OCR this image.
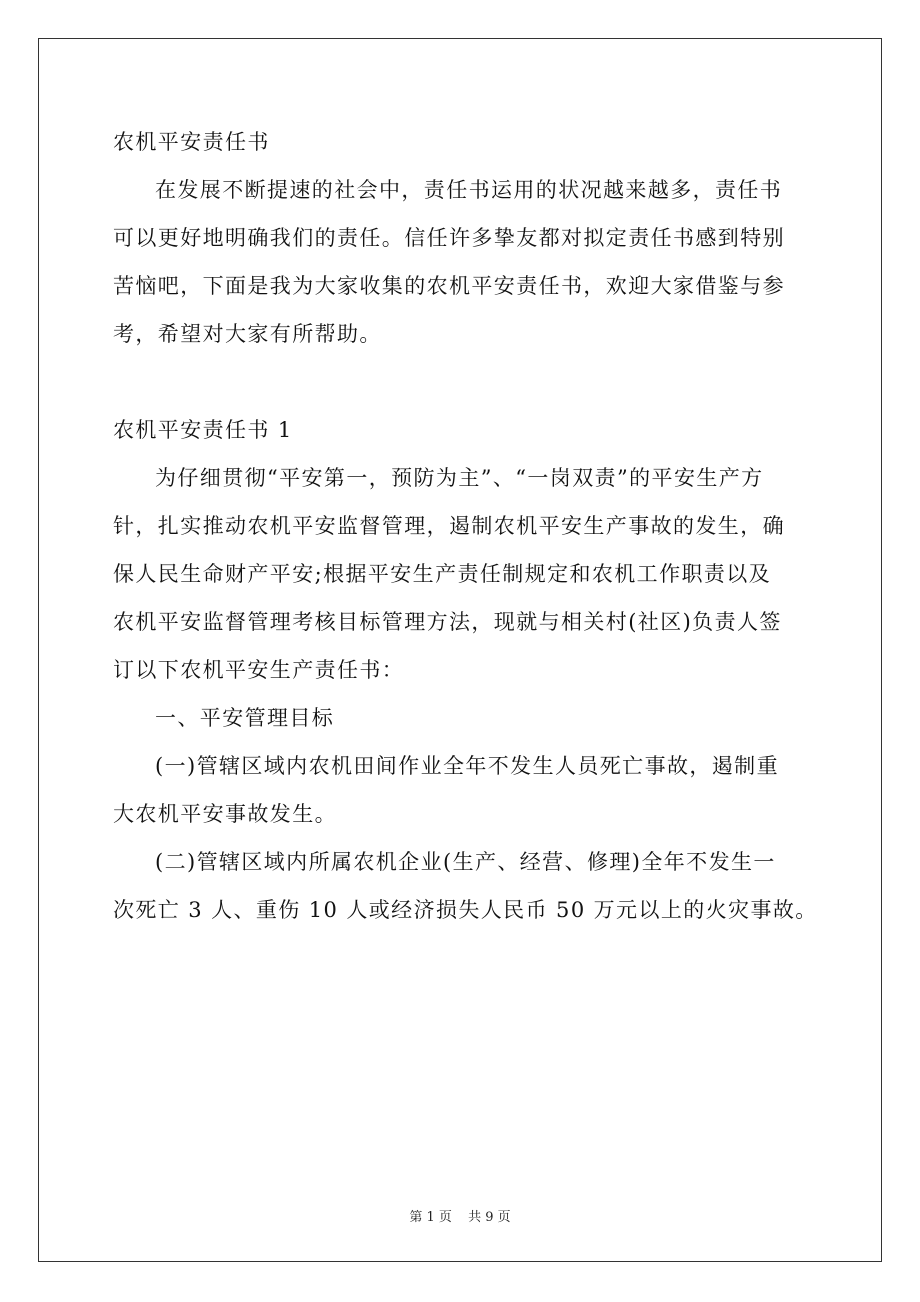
农机平安责任书
在发展不断提速的社会中，责任书运用的状况越来越多，责任书
可以更好地明确我们的责任。信任许多挚友都对拟定责任书感到特别
苦恼吧，下面是我为大家收集的农机平安责任书，欢迎大家借鉴与参
考，希望对大家有所帮助。
农机平安责任书 1
为仔细贯彻“平安第一，预防为主”、“一岗双责”的平安生产方
针，扎实推动农机平安监督管理，遏制农机平安生产事故的发生，确
保人民生命财产平安;根据平安生产责任制规定和农机工作职责以及
农机平安监督管理考核目标管理方法，现就与相关村(社区)负责人签
订以下农机平安生产责任书：
一、平安管理目标
(一)管辖区域内农机田间作业全年不发生人员死亡事故，遏制重
大农机平安事故发生。
(二)管辖区域内所属农机企业(生产、经营、修理)全年不发生一
次死亡 3 人、重伤 10 人或经济损失人民币 50 万元以上的火灾事故。
第 1 页 共 9 页
